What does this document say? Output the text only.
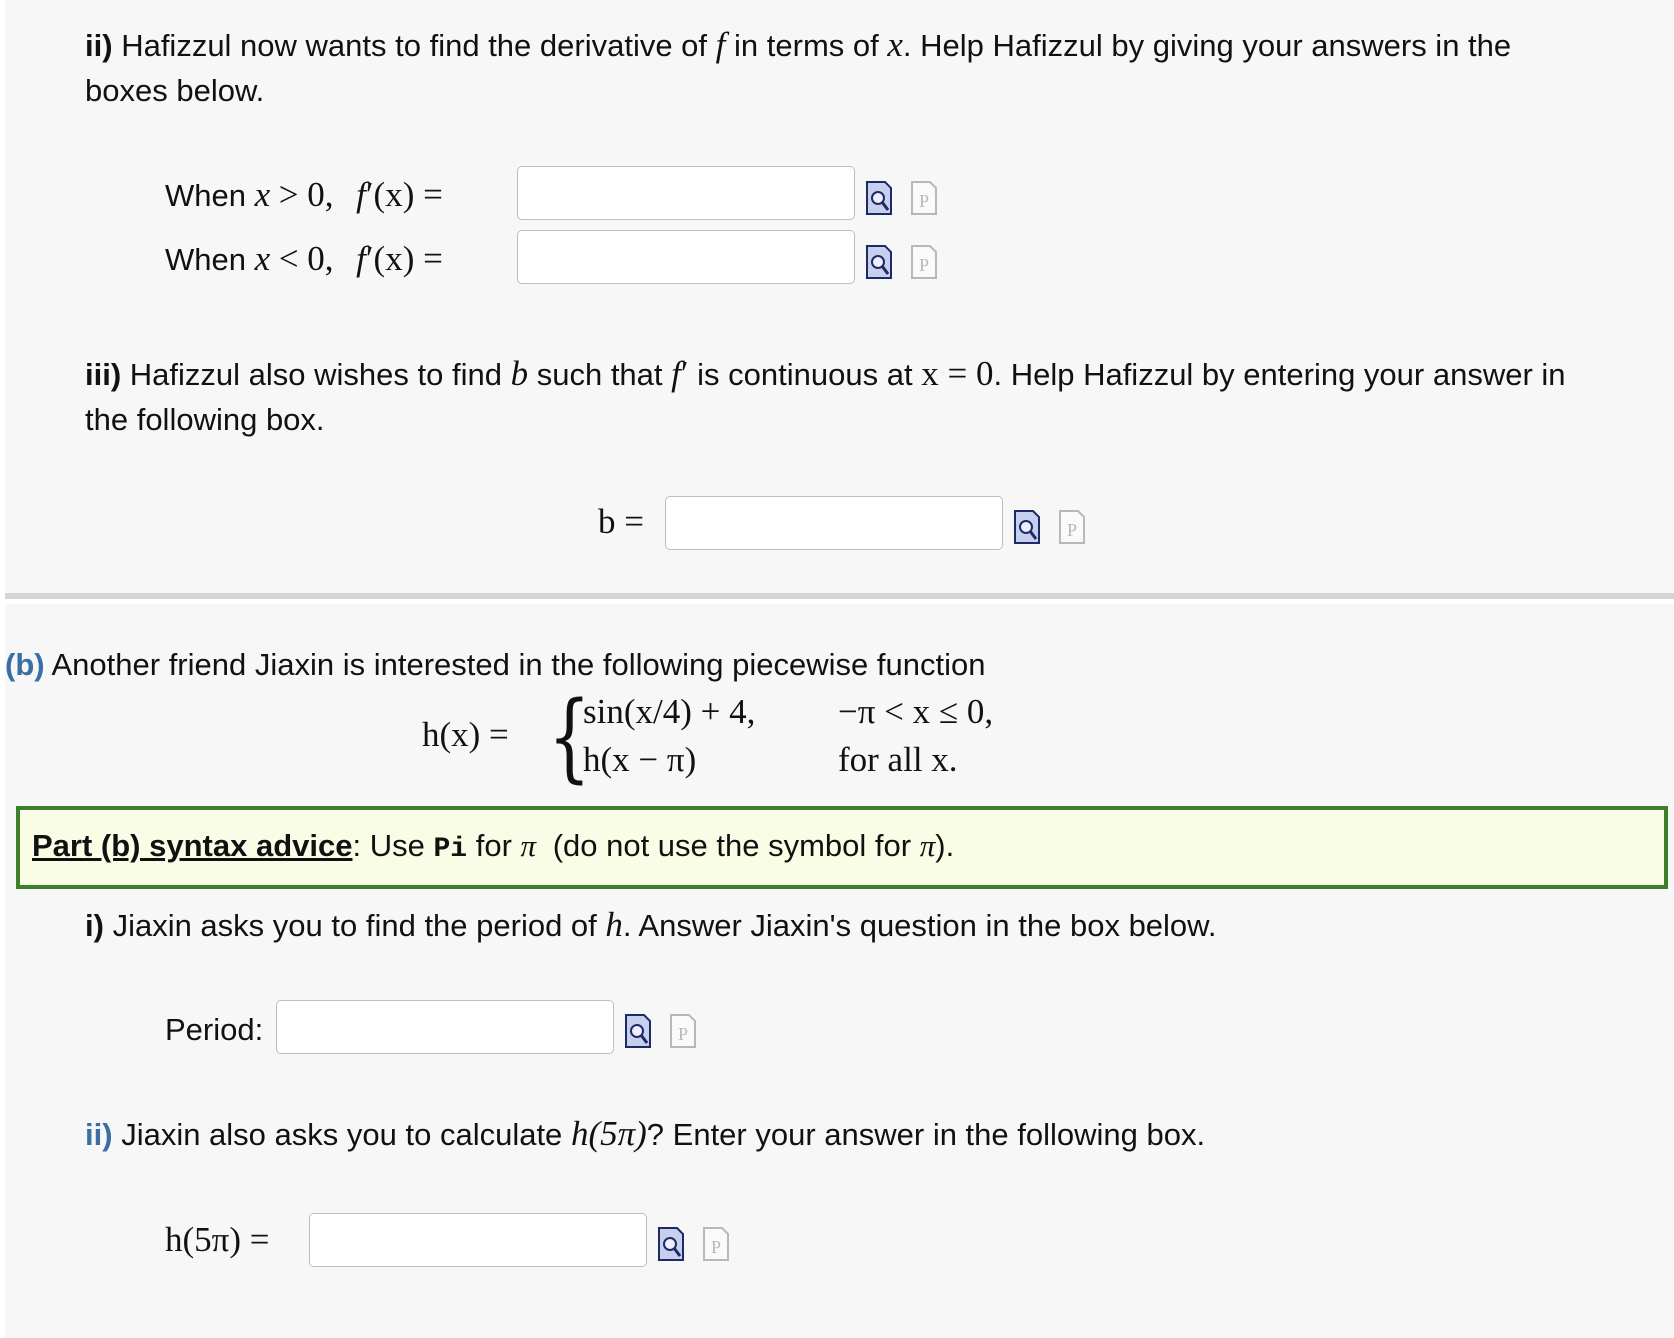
ii) Hafizzul now wants to find the derivative of f in terms of x. Help Hafizzul by giving your answers in the
boxes below.
When x > 0, f′(x) =	P
When x < 0, f′(x) =	P
iii) Hafizzul also wishes to find b such that f′ is continuous at x = 0. Help Hafizzul by entering your answer in
the following box.
b =	P
(b) Another friend Jiaxin is interested in the following piecewise function
h(x) = {
sin(x/4) + 4, −π < x ≤ 0,
h(x − π)	for all x.
Part (b) syntax advice: Use Pi for π (do not use the symbol for π).
i) Jiaxin asks you to find the period of h. Answer Jiaxin's question in the box below.
Period:	P
ii) Jiaxin also asks you to calculate h(5π)? Enter your answer in the following box.
h(5π) =	P
